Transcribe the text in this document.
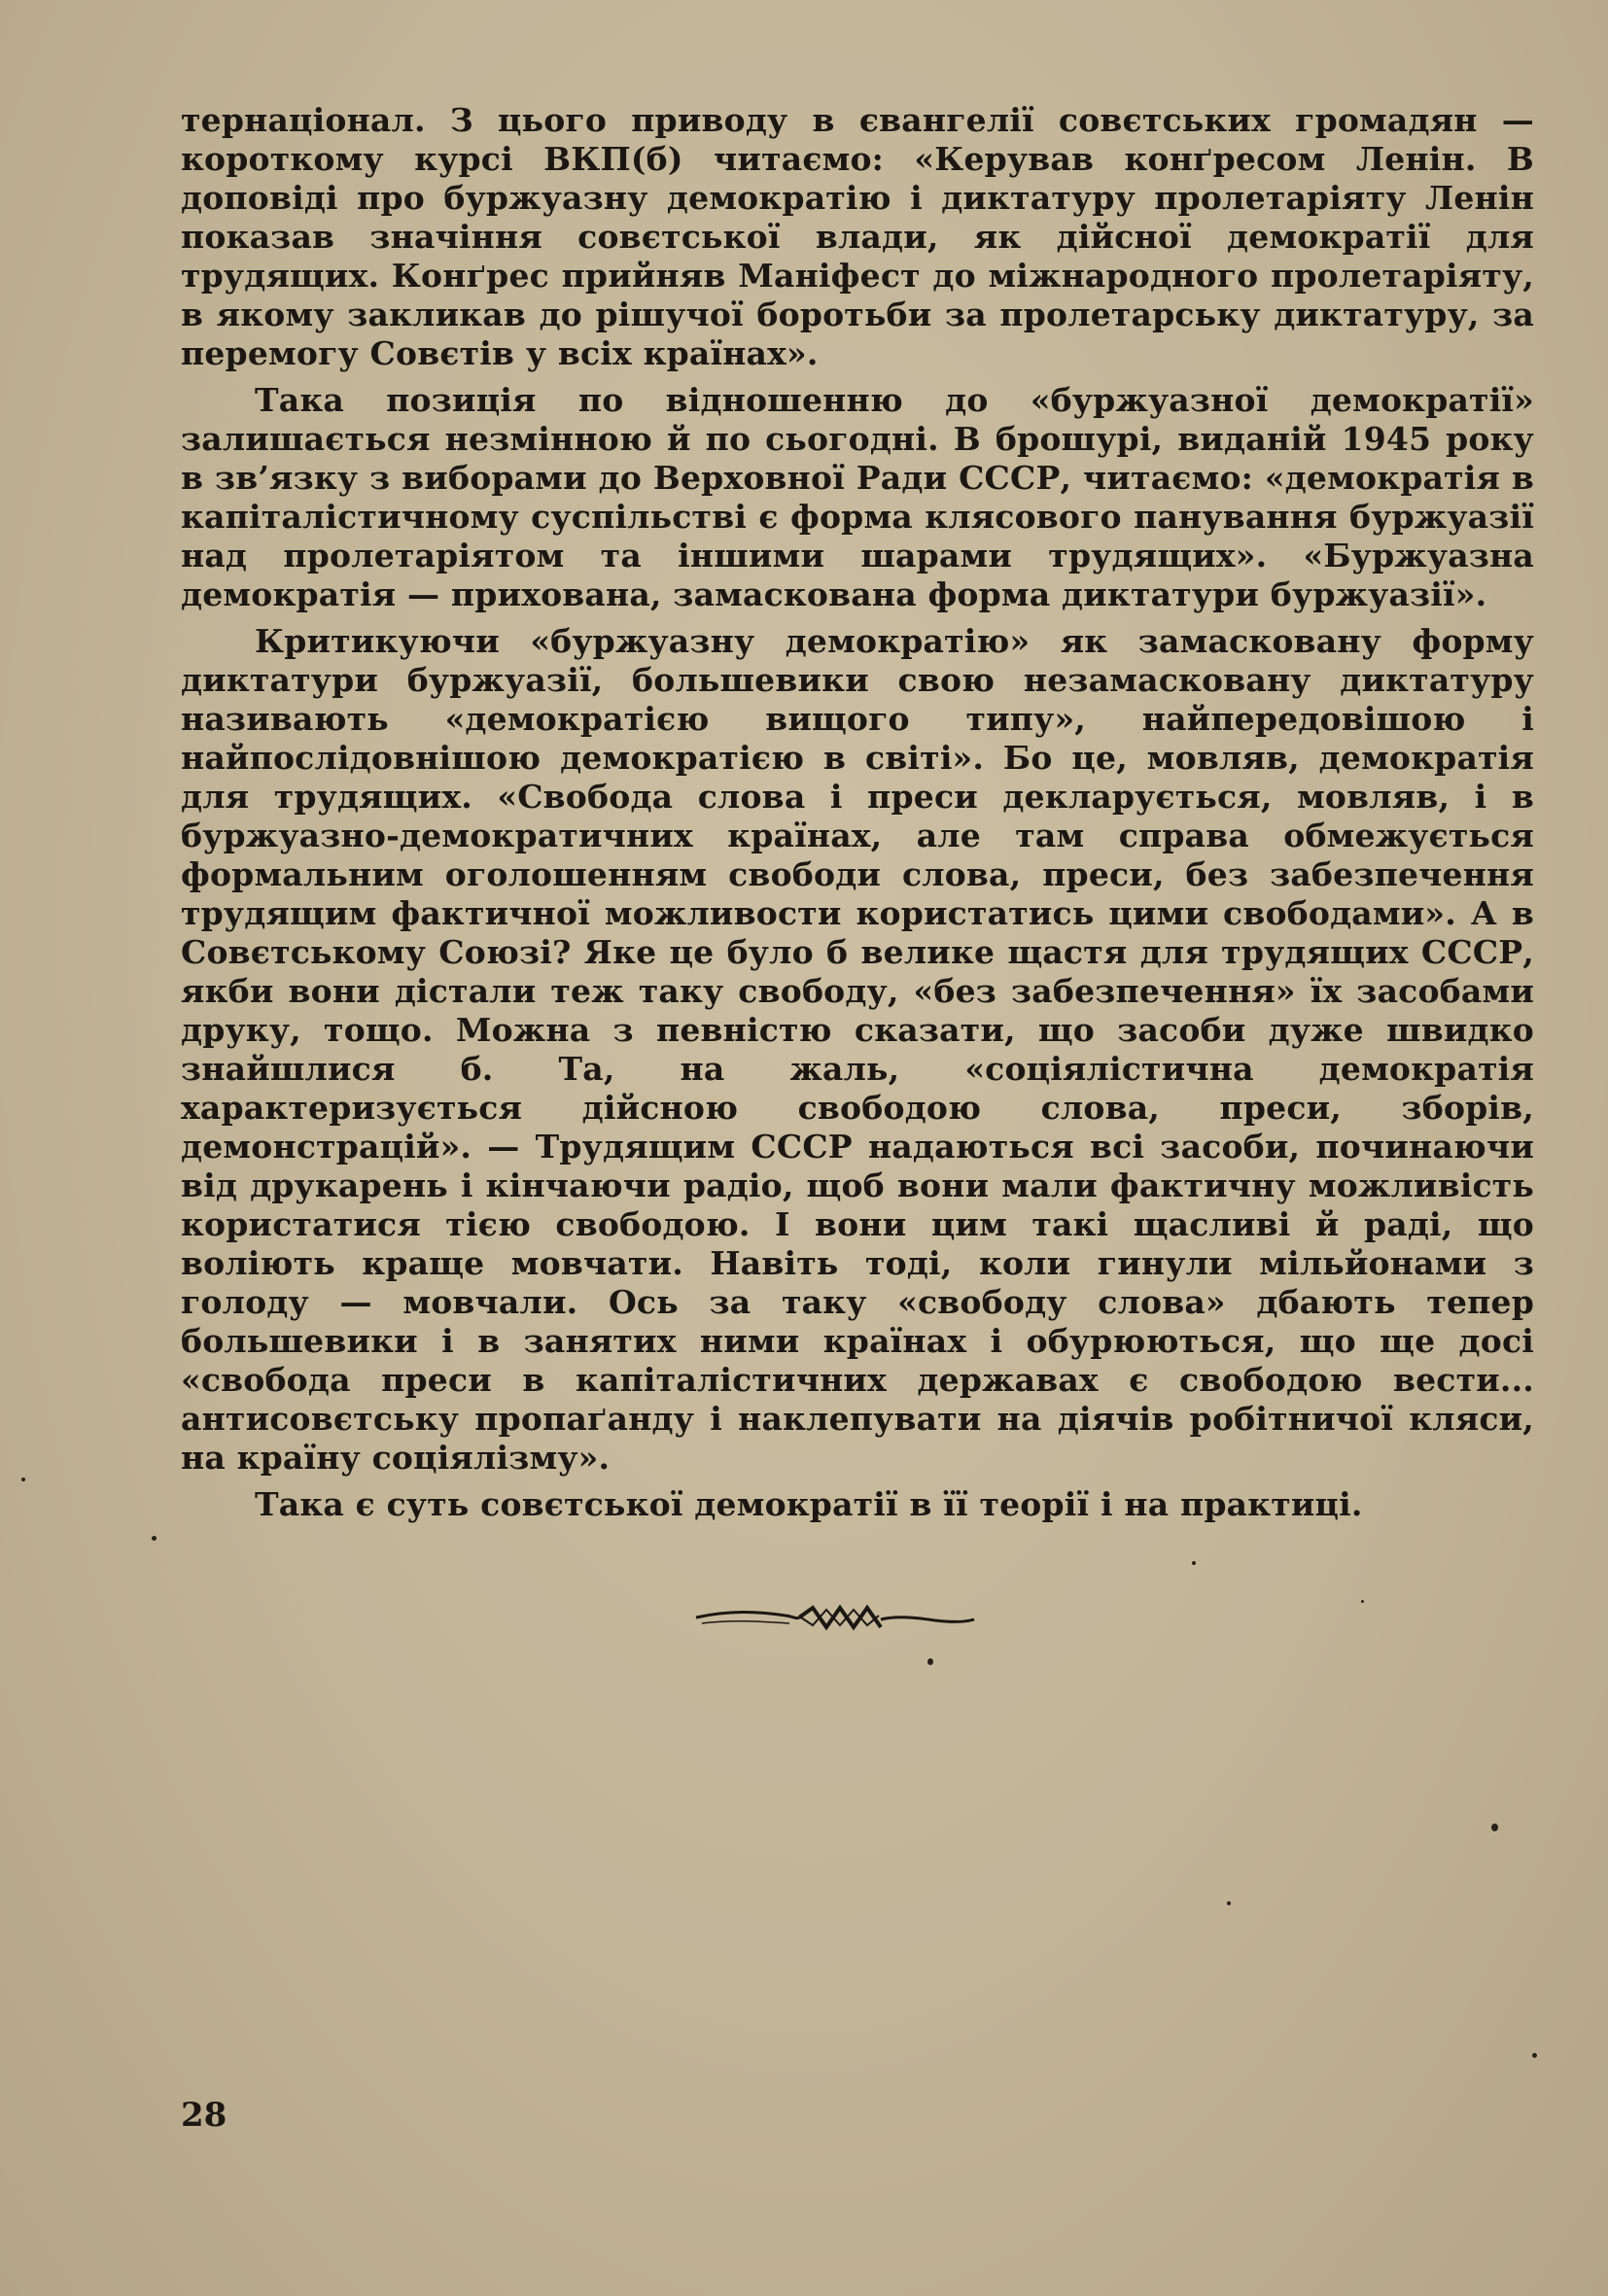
тернаціонал. З цього приводу в євангелії совєтських громадян — короткому курсі ВКП(б) читаємо: «Керував конґресом Ленін. В доповіді про буржуазну демократію і диктатуру пролетаріяту Ленін показав значіння совєтської влади, як дійсної демократії для трудящих. Конґрес прийняв Маніфест до міжнародного пролетаріяту, в якому закликав до рішучої боротьби за пролетарську диктатуру, за перемогу Совєтів у всіх країнах».

Така позиція по відношенню до «буржуазної демократії» залишається незмінною й по сьогодні. В брошурі, виданій 1945 року в зв’язку з виборами до Верховної Ради СССР, читаємо: «демократія в капіталістичному суспільстві є форма клясового панування буржуазії над пролетаріятом та іншими шарами трудящих». «Буржуазна демократія — прихована, замаскована форма диктатури буржуазії».

Критикуючи «буржуазну демократію» як замасковану форму диктатури буржуазії, большевики свою незамасковану диктатуру називають «демократією вищого типу», найпередовішою і найпослідовнішою демократією в світі». Бо це, мовляв, демократія для трудящих. «Свобода слова і преси декларується, мовляв, і в буржуазно-демократичних країнах, але там справа обмежується формальним оголошенням свободи слова, преси, без забезпечення трудящим фактичної можливости користатись цими свободами». А в Совєтському Союзі? Яке це було б велике щастя для трудящих СССР, якби вони дістали теж таку свободу, «без забезпечення» їх засобами друку, тощо. Можна з певністю сказати, що засоби дуже швидко знайшлися б. Та, на жаль, «соціялістична демократія характеризується дійсною свободою слова, преси, зборів, демонстрацій». — Трудящим СССР надаються всі засоби, починаючи від друкарень і кінчаючи радіо, щоб вони мали фактичну можливість користатися тією свободою. І вони цим такі щасливі й раді, що воліють краще мовчати. Навіть тоді, коли гинули мільйонами з голоду — мовчали. Ось за таку «свободу слова» дбають тепер большевики і в занятих ними країнах і обурюються, що ще досі «свобода преси в капіталістичних державах є свободою вести... антисовєтську пропаґанду і наклепувати на діячів робітничої кляси, на країну соціялізму».

Така є суть совєтської демократії в її теорії і на практиці.

28
